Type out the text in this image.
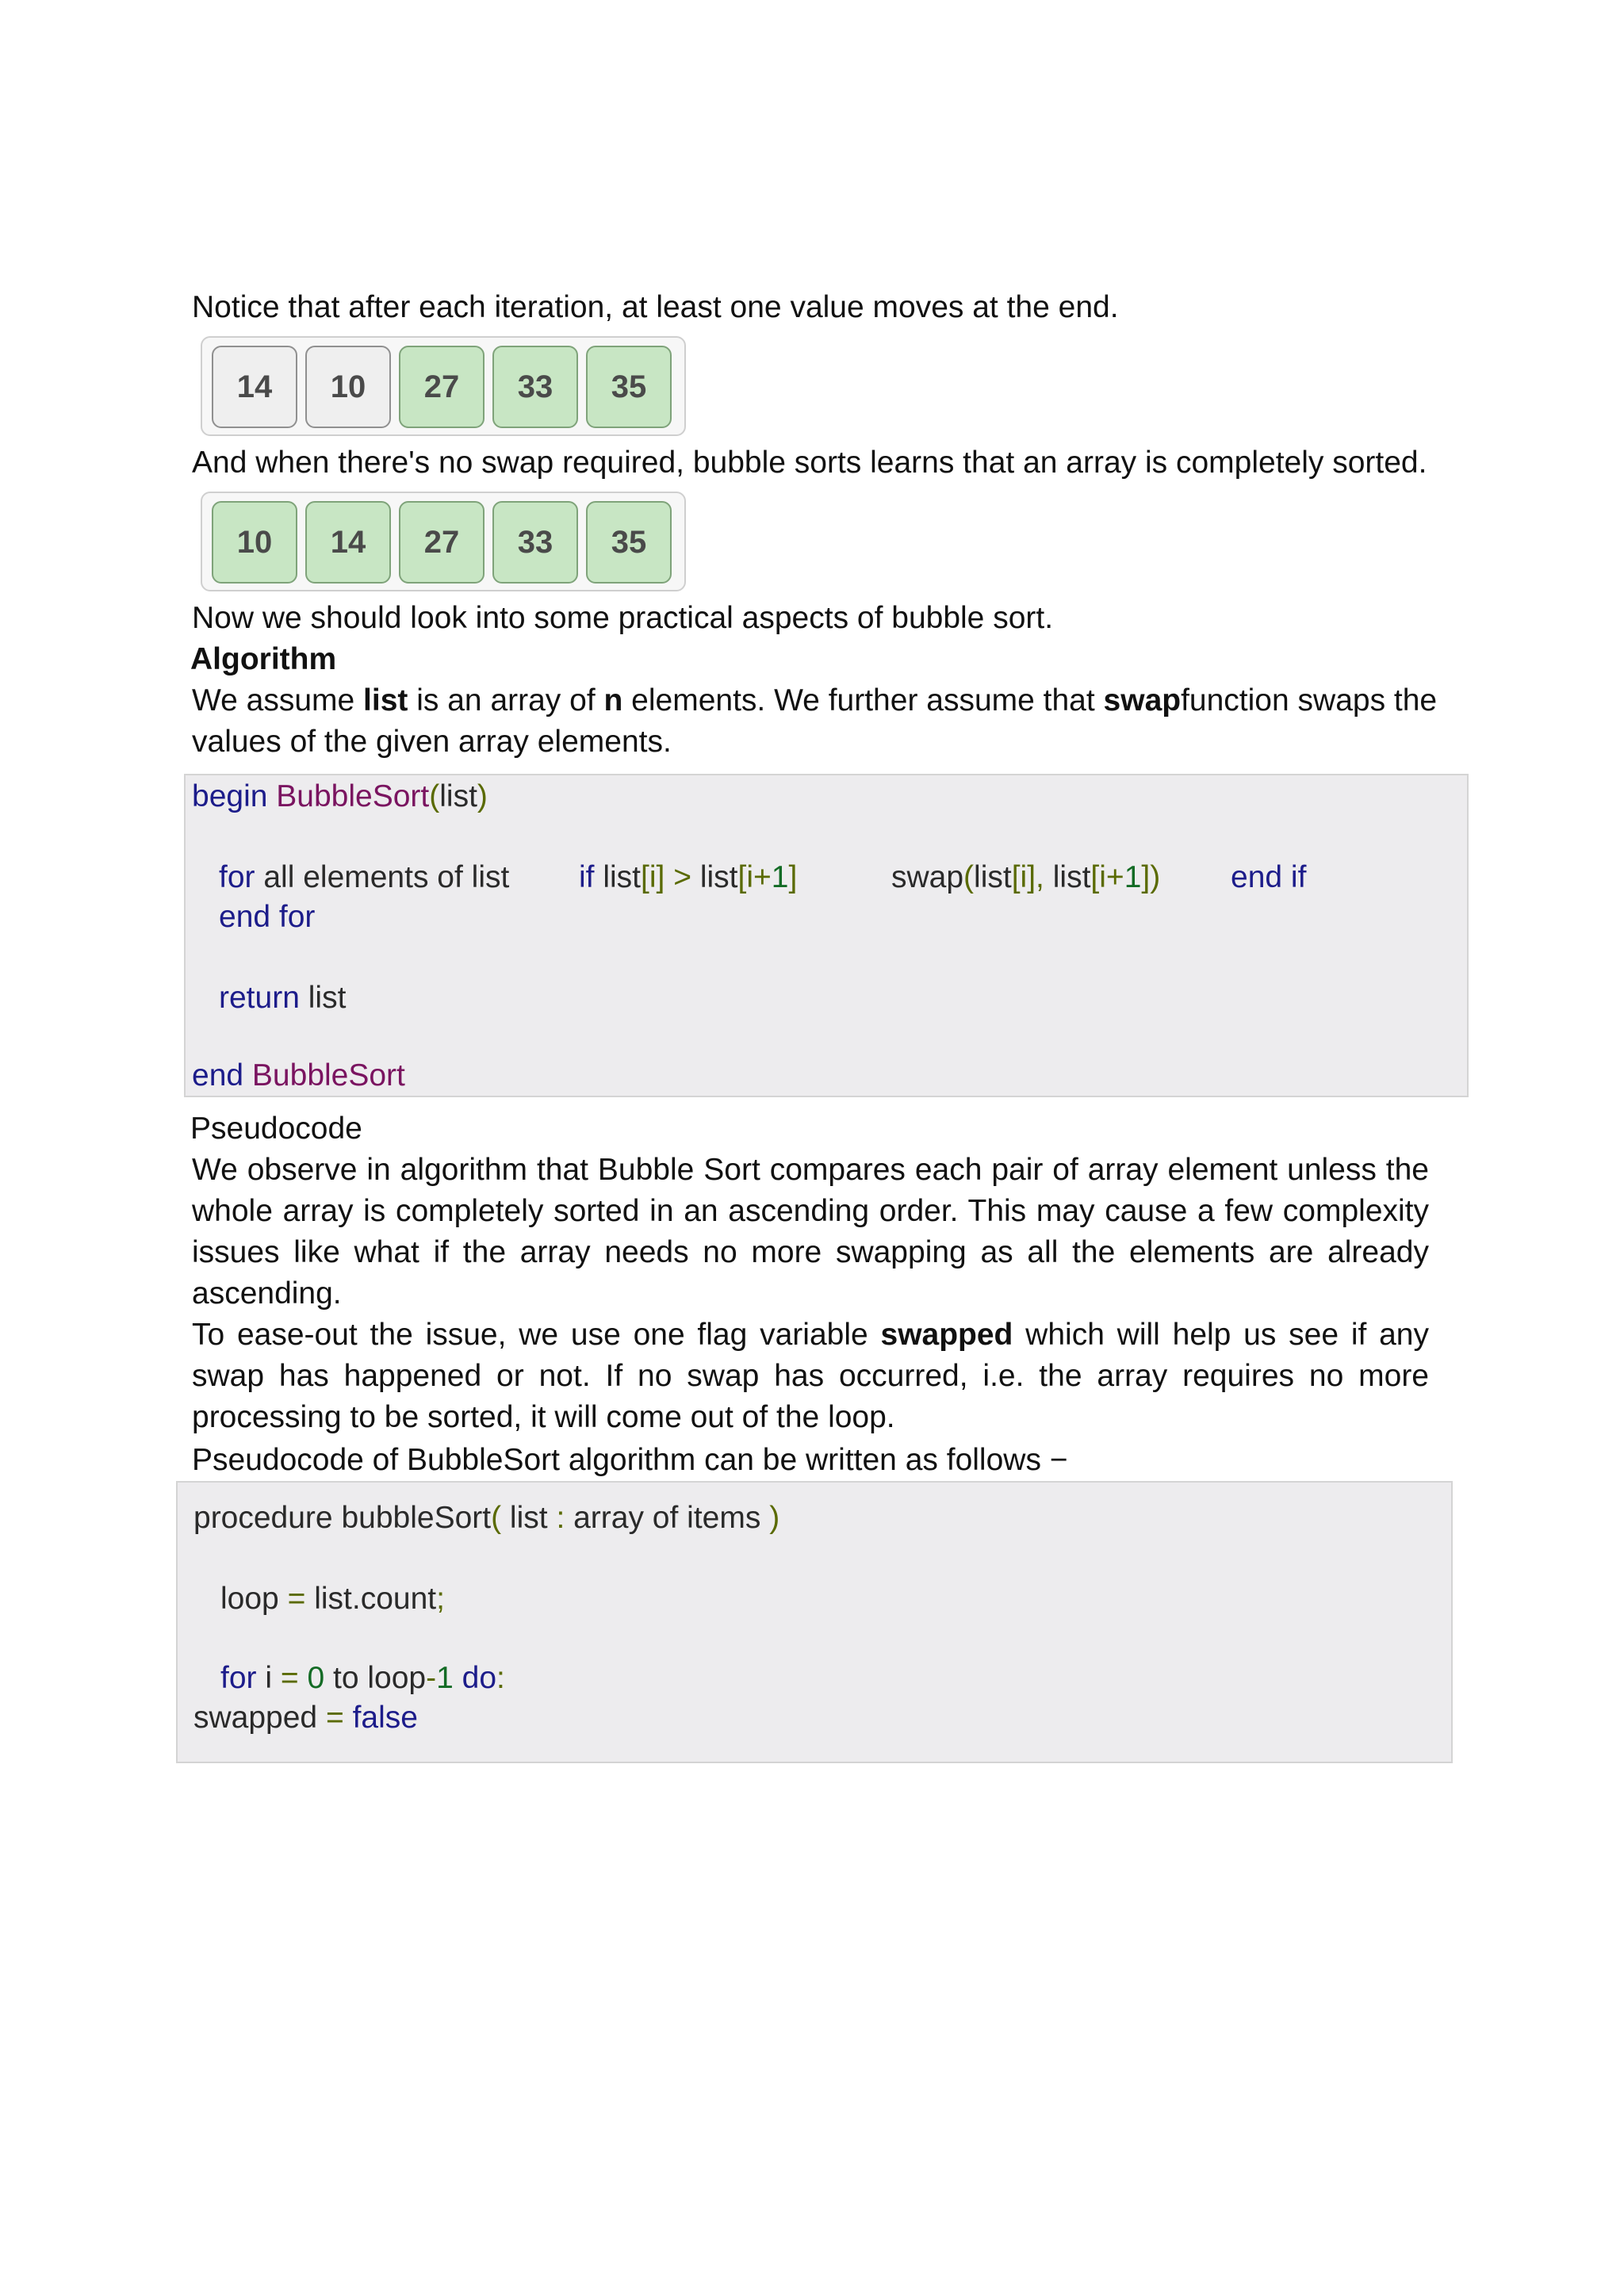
Notice that after each iteration, at least one value moves at the end.
14	10	27	33	35
And when there's no swap required, bubble sorts learns that an array is completely sorted.
10	14	27	33	35
Now we should look into some practical aspects of bubble sort.
Algorithm
We assume list is an array of n elements. We further assume that swapfunction swaps the
values of the given array elements.
begin BubbleSort(list)
for all elements of list if list[i] > list[i+1]	swap(list[i], list[i+1]) end if
end for
return list
end BubbleSort
Pseudocode
We observe in algorithm that Bubble Sort compares each pair of array element unless the whole array is completely sorted in an ascending order. This may cause a few complexity issues like what if the array needs no more swapping as all the elements are already ascending.
To ease-out the issue, we use one flag variable swapped which will help us see if any swap has happened or not. If no swap has occurred, i.e. the array requires no more processing to be sorted, it will come out of the loop.
Pseudocode of BubbleSort algorithm can be written as follows −
procedure bubbleSort( list : array of items )
loop = list.count;
for i = 0 to loop-1 do:
swapped = false
